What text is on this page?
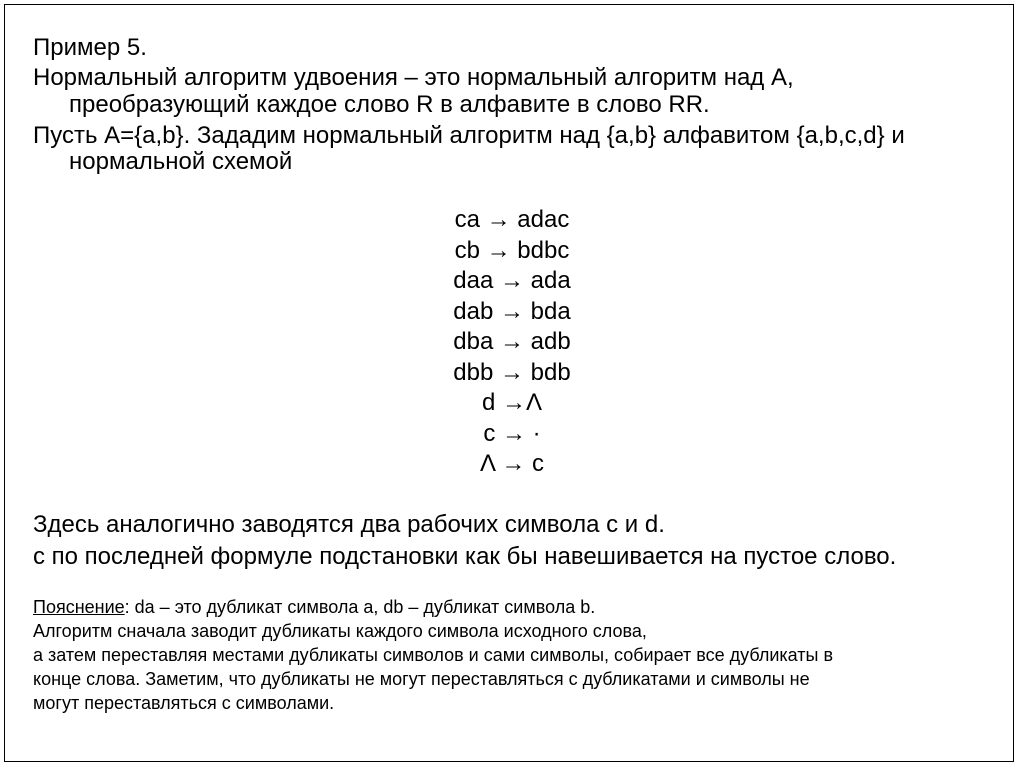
Пример 5.
Нормальный алгоритм удвоения – это нормальный алгоритм над А,
преобразующий каждое слово R в алфавите в слово RR.
Пусть А={a,b}. Зададим нормальный алгоритм над {a,b} алфавитом {a,b,c,d} и
нормальной схемой
ca → adac
cb → bdbc
daa → ada
dab → bda
dba → adb
dbb → bdb
d →Λ
c → ·
Λ → c
Здесь аналогично заводятся два рабочих символа c и d.
c по последней формуле подстановки как бы навешивается на пустое слово.
Пояснение: da – это дубликат символа a, db – дубликат символа b.
Алгоритм сначала заводит дубликаты каждого символа исходного слова,
а затем переставляя местами дубликаты символов и сами символы, собирает все дубликаты в
конце слова. Заметим, что дубликаты не могут переставляться с дубликатами и символы не
могут переставляться с символами.
